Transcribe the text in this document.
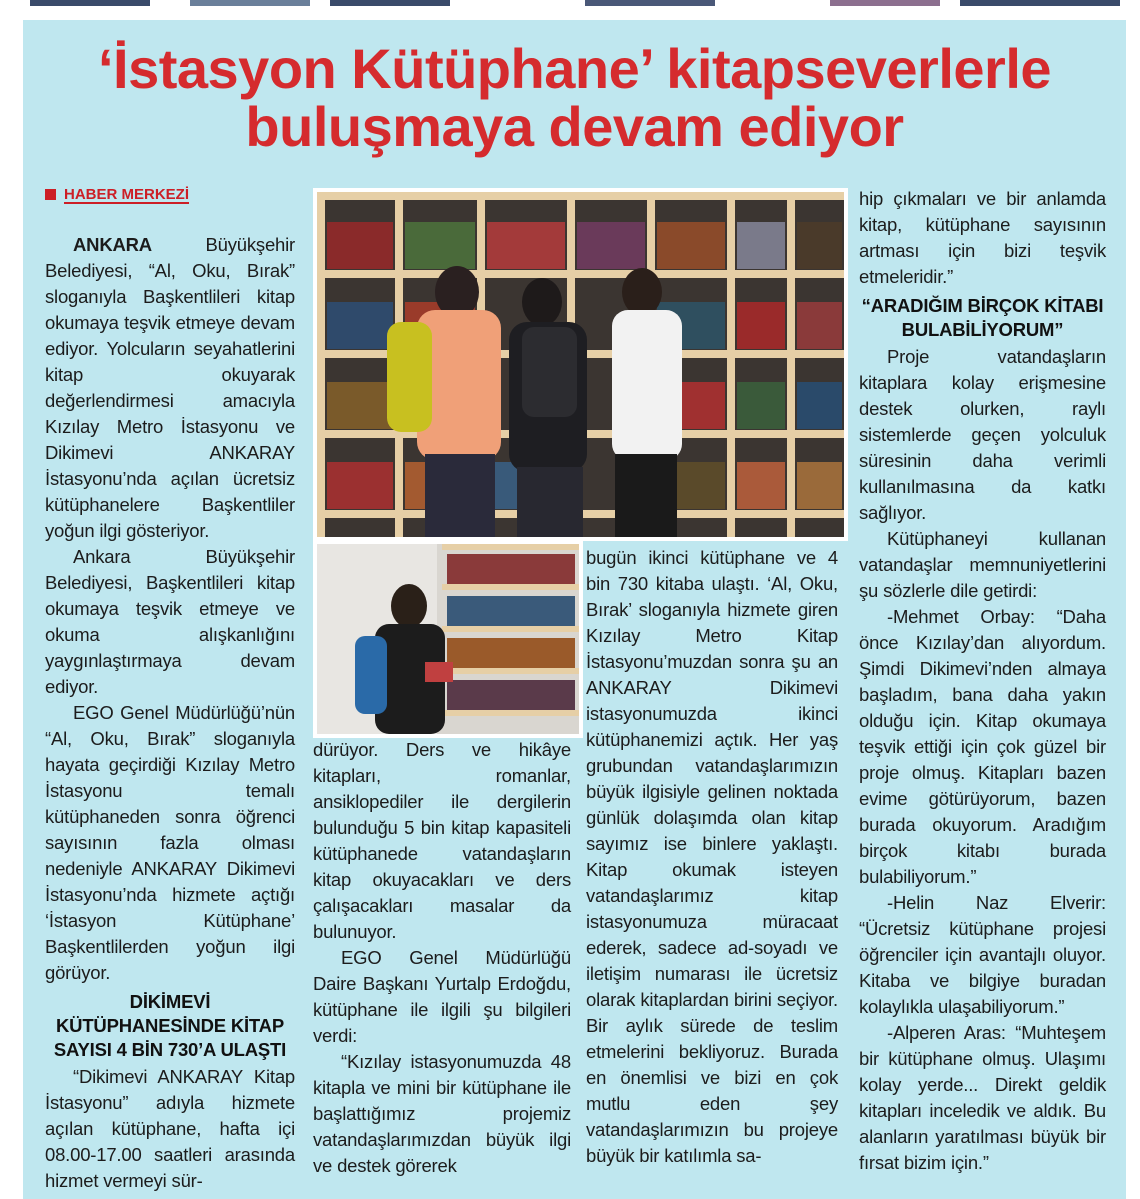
‘İstasyon Kütüphane’ kitapseverlerle
buluşmaya devam ediyor
HABER MERKEZİ

ANKARA Büyükşehir Belediyesi, “Al, Oku, Bırak” sloganıyla Başkentlileri kitap okumaya teşvik etmeye devam ediyor. Yolcuların seyahatlerini kitap okuyarak değerlendirmesi amacıyla Kızılay Metro İstasyonu ve Dikimevi ANKARAY İstasyonu’nda açılan ücretsiz kütüphanelere Başkentliler yoğun ilgi gösteriyor.

Ankara Büyükşehir Belediyesi, Başkentlileri kitap okumaya teşvik etmeye ve okuma alışkanlığını yaygınlaştırmaya devam ediyor.

EGO Genel Müdürlüğü’nün “Al, Oku, Bırak” sloganıyla hayata geçirdiği Kızılay Metro İstasyonu temalı kütüphaneden sonra öğrenci sayısının fazla olması nedeniyle ANKARAY Dikimevi İstasyonu’nda hizmete açtığı ‘İstasyon Kütüphane’ Başkentlilerden yoğun ilgi görüyor.

DİKİMEVİ KÜTÜPHANESİNDE KİTAP SAYISI 4 BİN 730’A ULAŞTI

“Dikimevi ANKARAY Kitap İstasyonu” adıyla hizmete açılan kütüphane, hafta içi 08.00-17.00 saatleri arasında hizmet vermeyi sür-

dürüyor. Ders ve hikâye kitapları, romanlar, ansiklopediler ile dergilerin bulunduğu 5 bin kitap kapasiteli kütüphanede vatandaşların kitap okuyacakları ve ders çalışacakları masalar da bulunuyor.

EGO Genel Müdürlüğü Daire Başkanı Yurtalp Erdoğdu, kütüphane ile ilgili şu bilgileri verdi:

“Kızılay istasyonumuzda 48 kitapla ve mini bir kütüphane ile başlattığımız projemiz vatandaşlarımızdan büyük ilgi ve destek görerek

bugün ikinci kütüphane ve 4 bin 730 kitaba ulaştı. ‘Al, Oku, Bırak’ sloganıyla hizmete giren Kızılay Metro Kitap İstasyonu’muzdan sonra şu an ANKARAY Dikimevi istasyonumuzda ikinci kütüphanemizi açtık. Her yaş grubundan vatandaşlarımızın büyük ilgisiyle gelinen noktada günlük dolaşımda olan kitap sayımız ise binlere yaklaştı. Kitap okumak isteyen vatandaşlarımız kitap istasyonumuza müracaat ederek, sadece ad-soyadı ve iletişim numarası ile ücretsiz olarak kitaplardan birini seçiyor. Bir aylık sürede de teslim etmelerini bekliyoruz. Burada en önemlisi ve bizi en çok mutlu eden şey vatandaşlarımızın bu projeye büyük bir katılımla sa-

hip çıkmaları ve bir anlamda kitap, kütüphane sayısının artması için bizi teşvik etmeleridir.”

“ARADIĞIM BİRÇOK KİTABI BULABİLİYORUM”

Proje vatandaşların kitaplara kolay erişmesine destek olurken, raylı sistemlerde geçen yolculuk süresinin daha verimli kullanılmasına da katkı sağlıyor.

Kütüphaneyi kullanan vatandaşlar memnuniyetlerini şu sözlerle dile getirdi:

-Mehmet Orbay: “Daha önce Kızılay’dan alıyordum. Şimdi Dikimevi’nden almaya başladım, bana daha yakın olduğu için. Kitap okumaya teşvik ettiği için çok güzel bir proje olmuş. Kitapları bazen evime götürüyorum, bazen burada okuyorum. Aradığım birçok kitabı burada bulabiliyorum.”

-Helin Naz Elverir: “Ücretsiz kütüphane projesi öğrenciler için avantajlı oluyor. Kitaba ve bilgiye buradan kolaylıkla ulaşabiliyorum.”

-Alperen Aras: “Muhteşem bir kütüphane olmuş. Ulaşımı kolay yerde... Direkt geldik kitapları inceledik ve aldık. Bu alanların yaratılması büyük bir fırsat bizim için.”
